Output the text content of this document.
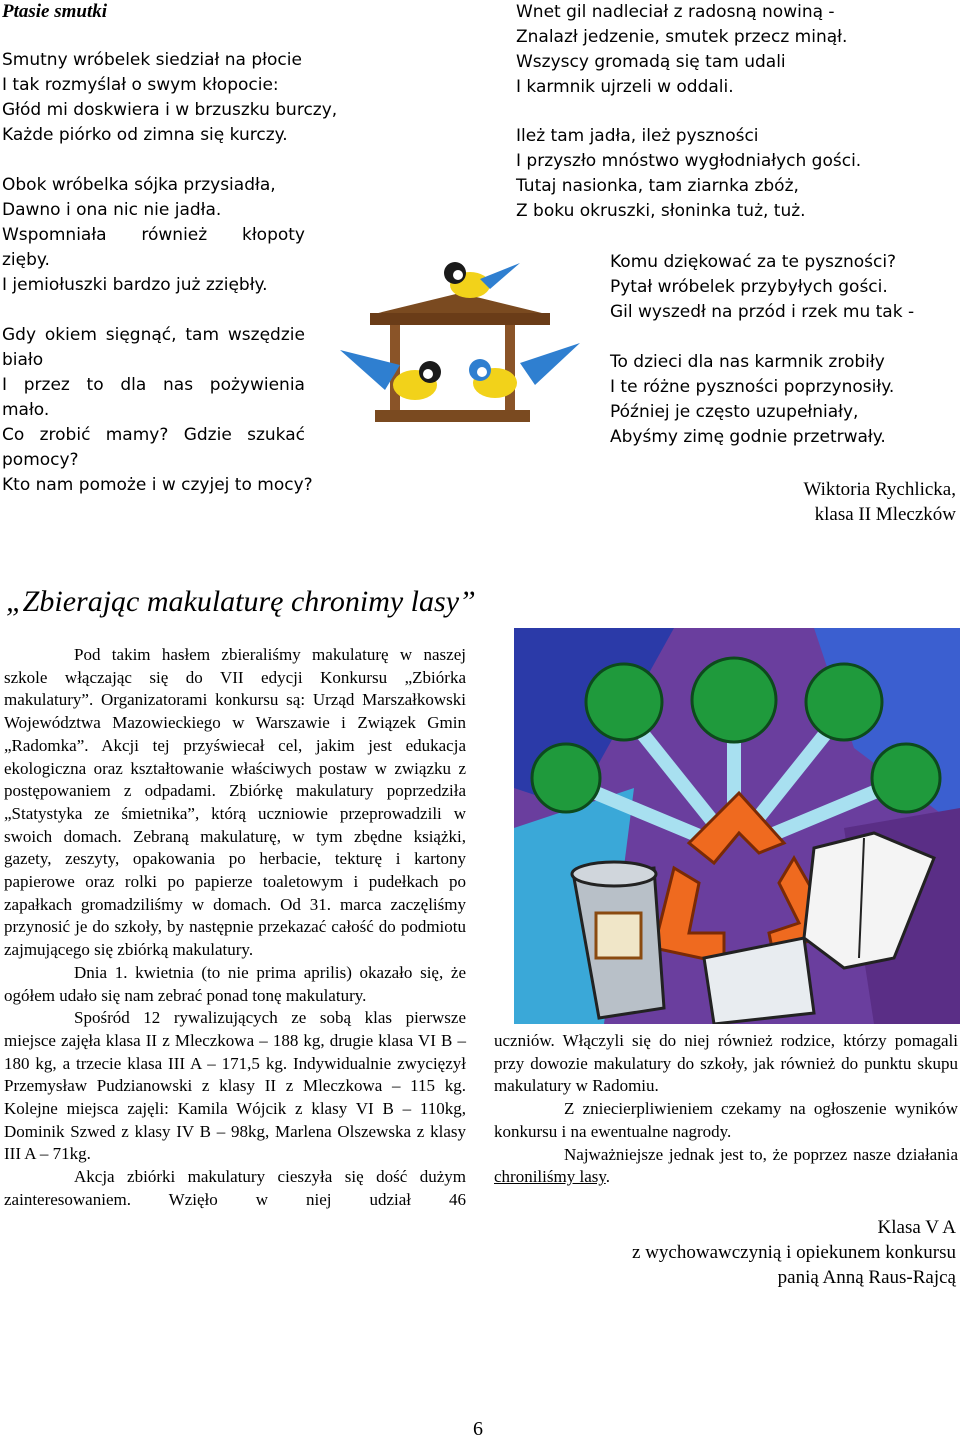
Ptasie smutki
Smutny wróbelek siedział na płocie
I tak rozmyślał o swym kłopocie:
Głód mi doskwiera i w brzuszku burczy,
Każde piórko od zimna się kurczy.
Obok wróbelka sójka przysiadła,
Dawno i ona nic nie jadła.
Wspomniała również kłopoty
zięby.
I jemiołuszki bardzo już zziębły.
Gdy okiem sięgnąć, tam wszędzie
biało
I przez to dla nas pożywienia
mało.
Co zrobić mamy? Gdzie szukać
pomocy?
Kto nam pomoże i w czyjej to mocy?
Wnet gil nadleciał z radosną nowiną -
Znalazł jedzenie, smutek przecz minął.
Wszyscy gromadą się tam udali
I karmnik ujrzeli w oddali.
Ileż tam jadła, ileż pyszności
I przyszło mnóstwo wygłodniałych gości.
Tutaj nasionka, tam ziarnka zbóż,
Z boku okruszki, słoninka tuż, tuż.
Komu dziękować za te pyszności?
Pytał wróbelek przybyłych gości.
Gil wyszedł na przód i rzek mu tak -
To dzieci dla nas karmnik zrobiły
I te różne pyszności poprzynosiły.
Później je często uzupełniały,
Abyśmy zimę godnie przetrwały.
Wiktoria Rychlicka,
klasa II Mleczków
„Zbierając makulaturę chronimy lasy”

Pod takim hasłem zbieraliśmy makulaturę w naszej szkole włączając się do VII edycji Konkursu „Zbiórka makulatury”. Organizatorami konkursu są: Urząd Marszałkowski Województwa Mazowieckiego w Warszawie i Związek Gmin „Radomka”. Akcji tej przyświecał cel, jakim jest edukacja ekologiczna oraz kształtowanie właściwych postaw w związku z postępowaniem z odpadami. Zbiórkę makulatury poprzedziła „Statystyka ze śmietnika”, którą uczniowie przeprowadzili w swoich domach. Zebraną makulaturę, w tym zbędne książki, gazety, zeszyty, opakowania po herbacie, tekturę i kartony papierowe oraz rolki po papierze toaletowym i pudełkach po zapałkach gromadziliśmy w domach. Od 31. marca zaczęliśmy przynosić je do szkoły, by następnie przekazać całość do podmiotu zajmującego się zbiórką makulatury.

Dnia 1. kwietnia (to nie prima aprilis) okazało się, że ogółem udało się nam zebrać ponad tonę makulatury.

Spośród 12 rywalizujących ze sobą klas pierwsze miejsce zajęła klasa II z Mleczkowa – 188 kg, drugie klasa VI B – 180 kg, a trzecie klasa III A – 171,5 kg. Indywidualnie zwycięzył Przemysław Pudzianowski z klasy II z Mleczkowa – 115 kg. Kolejne miejsca zajęli: Kamila Wójcik z klasy VI B – 110kg, Dominik Szwed z klasy IV B – 98kg, Marlena Olszewska z klasy III A – 71kg.

Akcja zbiórki makulatury cieszyła się dość dużym zainteresowaniem. Wzięło w niej udział 46

uczniów. Włączyli się do niej również rodzice, którzy pomagali przy dowozie makulatury do szkoły, jak również do punktu skupu makulatury w Radomiu.

Z zniecierpliwieniem czekamy na ogłoszenie wyników konkursu i na ewentualne nagrody.

Najważniejsze jednak jest to, że poprzez nasze działania chroniliśmy lasy.

Klasa V A
z wychowawczynią i opiekunem konkursu
panią Anną Raus-Rajcą
6
